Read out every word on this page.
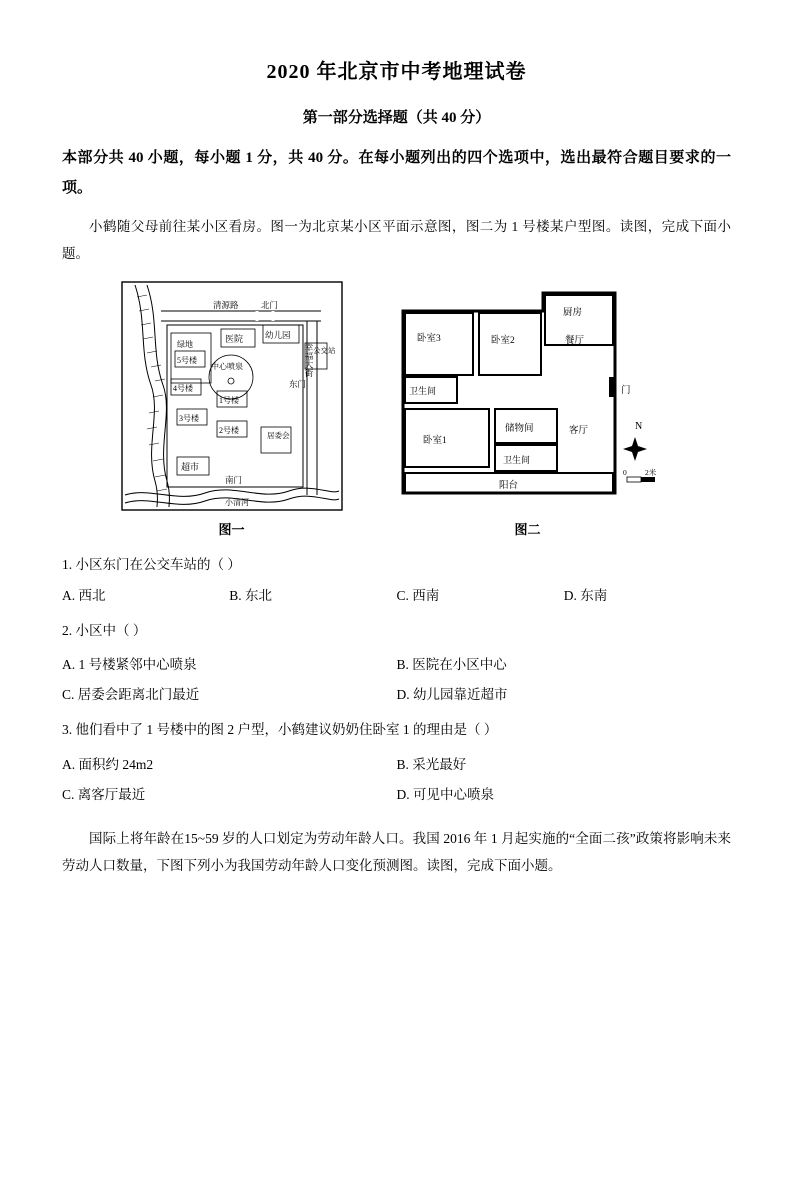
2020 年北京市中考地理试卷
第一部分选择题（共 40 分）
本部分共 40 小题，每小题 1 分，共 40 分。在每小题列出的四个选项中，选出最符合题目要求的一项。
小鹤随父母前往某小区看房。图一为北京某小区平面示意图，图二为 1 号楼某户型图。读图，完成下面小题。
清源路	北门
幸福大街
绿地
医院	幼儿园
公交站
5号楼
4号楼
3号楼
2号楼
1号楼
中心喷泉
居委会
超市
南门
东门
小清河
图一
厨房
卧室3	卧室2	餐厅
卫生间	门
卧室1
储物间
卫生间
客厅
阳台
N
0 2米
图二
1. 小区东门在公交车站的（ ）
A. 西北	B. 东北	C. 西南	D. 东南
2. 小区中（ ）
A. 1 号楼紧邻中心喷泉	B. 医院在小区中心
C. 居委会距离北门最近	D. 幼儿园靠近超市
3. 他们看中了 1 号楼中的图 2 户型，小鹤建议奶奶住卧室 1 的理由是（ ）
A. 面积约 24m2	B. 采光最好
C. 离客厅最近	D. 可见中心喷泉
国际上将年龄在15~59 岁的人口划定为劳动年龄人口。我国 2016 年 1 月起实施的“全面二孩”政策将影响未来劳动人口数量，下图下列小为我国劳动年龄人口变化预测图。读图，完成下面小题。
